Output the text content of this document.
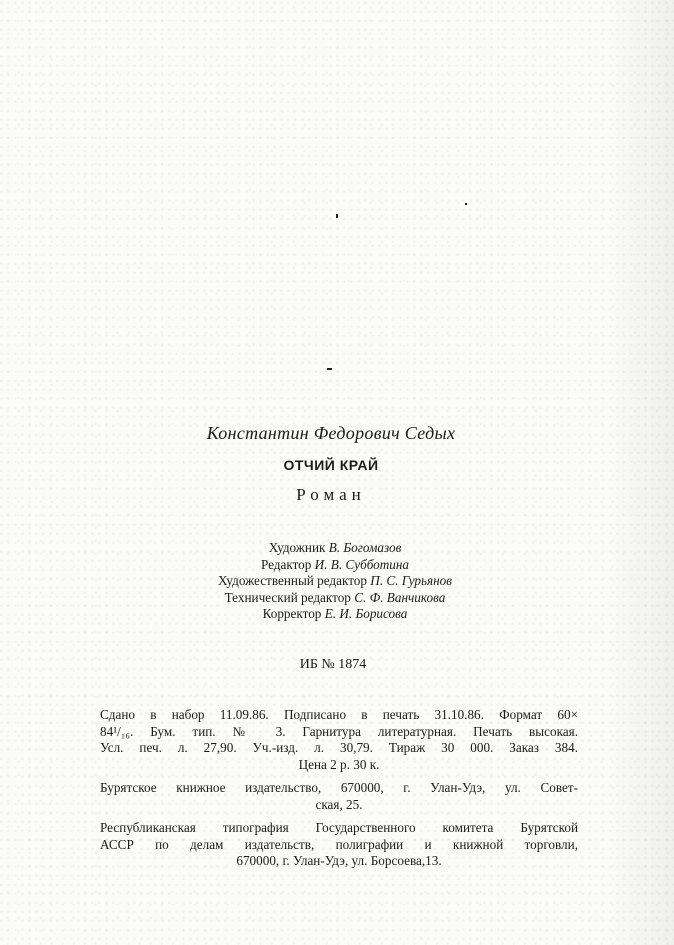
Константин Федорович Седых
ОТЧИЙ КРАЙ
Роман
Художник В. Богомазов
Редактор И. В. Субботина
Художественный редактор П. С. Гурьянов
Технический редактор С. Ф. Ванчикова
Корректор Е. И. Борисова
ИБ № 1874
Сдано в набор 11.09.86. Подписано в печать 31.10.86. Формат 60×
84¹/₁₆. Бум. тип. № 3. Гарнитура литературная. Печать высокая.
Усл. печ. л. 27,90. Уч.-изд. л. 30,79. Тираж 30 000. Заказ 384.
Цена 2 р. 30 к.
Бурятское книжное издательство, 670000, г. Улан-Удэ, ул. Совет-
ская, 25.
Республиканская типография Государственного комитета Бурятской
АССР по делам издательств, полиграфии и книжной торговли,
670000, г. Улан-Удэ, ул. Борсоева,13.
